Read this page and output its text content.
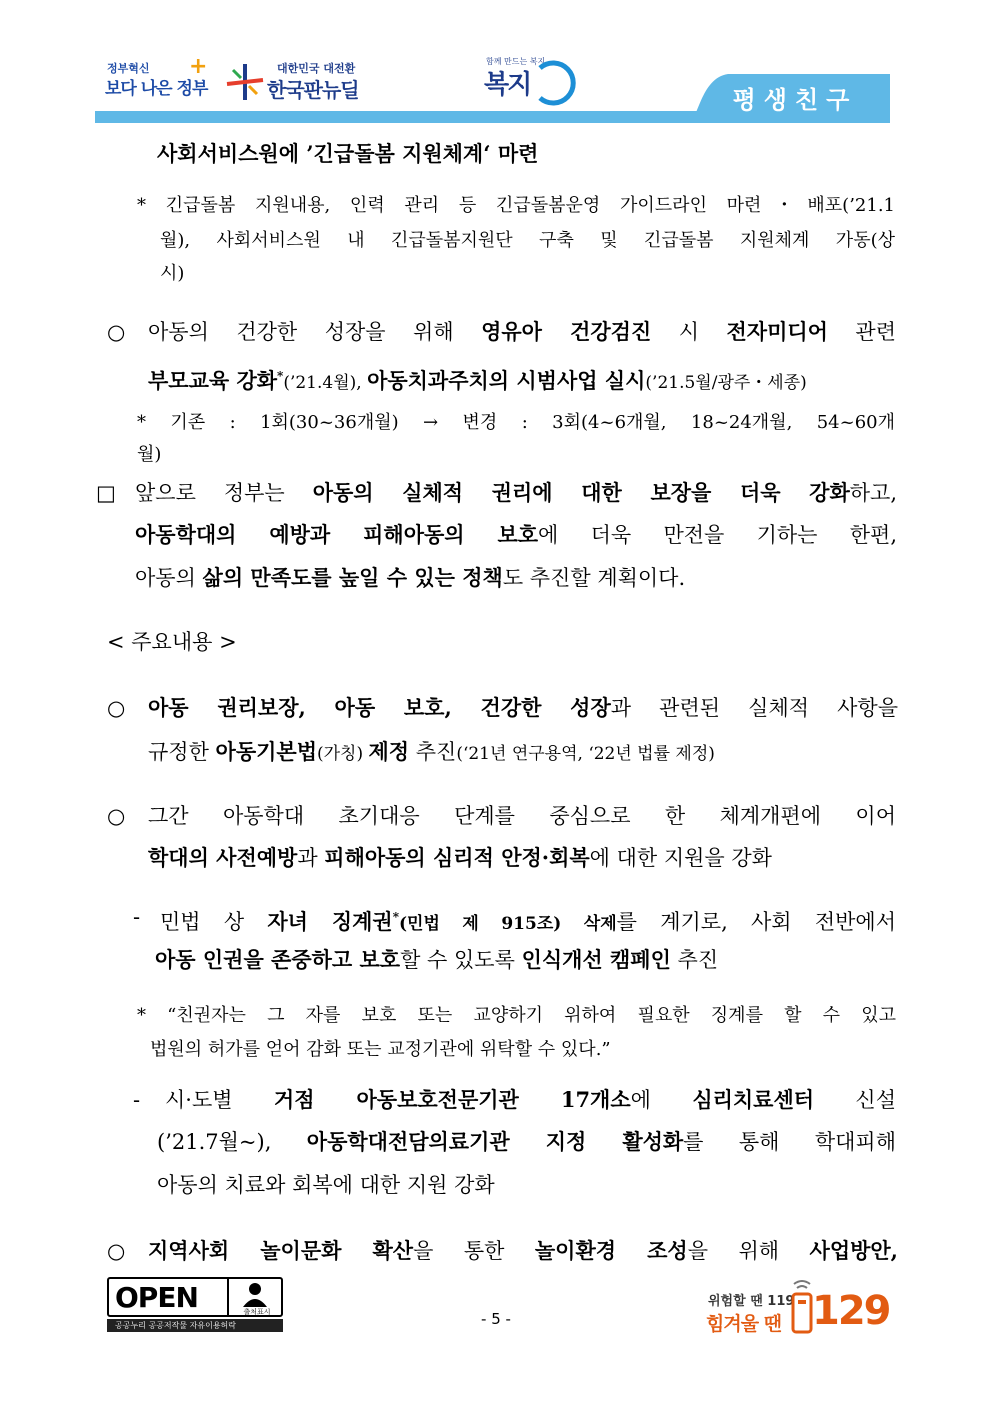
정부혁신
보다 나은 정부
+	대한민국 대전환
한국판뉴딜
함께 만드는 복지
복지	평생친구
사회서비스원에 ’긴급돌봄 지원체계‘ 마련
* 긴급돌봄 지원내용, 인력 관리 등 긴급돌봄운영 가이드라인 마련・배포(’21.1
월), 사회서비스원 내 긴급돌봄지원단 구축 및 긴급돌봄 지원체계 가동(상
시)
○ 아동의 건강한 성장을 위해 영유아 건강검진 시 전자미디어 관련
부모교육 강화*(’21.4월), 아동치과주치의 시범사업 실시(’21.5월/광주・세종)
* 기존 : 1회(30~36개월) → 변경 : 3회(4~6개월, 18~24개월, 54~60개
월)
□ 앞으로 정부는 아동의 실체적 권리에 대한 보장을 더욱 강화하고,
아동학대의 예방과 피해아동의 보호에 더욱 만전을 기하는 한편,
아동의 삶의 만족도를 높일 수 있는 정책도 추진할 계획이다.
< 주요내용 >
○ 아동 권리보장, 아동 보호, 건강한 성장과 관련된 실체적 사항을
규정한 아동기본법(가칭) 제정 추진(‘21년 연구용역, ‘22년 법률 제정)
○ 그간 아동학대 초기대응 단계를 중심으로 한 체계개편에 이어
학대의 사전예방과 피해아동의 심리적 안정·회복에 대한 지원을 강화
- 민법 상 자녀 징계권*(민법 제 915조) 삭제를 계기로, 사회 전반에서
아동 인권을 존중하고 보호할 수 있도록 인식개선 캠페인 추진
* “친권자는 그 자를 보호 또는 교양하기 위하여 필요한 징계를 할 수 있고
법원의 허가를 얻어 감화 또는 교정기관에 위탁할 수 있다.”
- 시·도별 거점 아동보호전문기관 17개소에 심리치료센터 신설
(’21.7월~), 아동학대전담의료기관 지정 활성화를 통해 학대피해
아동의 치료와 회복에 대한 지원 강화
○ 지역사회 놀이문화 확산을 통한 놀이환경 조성을 위해 사업방안,
OPEN	출처표시
공공누리 공공저작물 자유이용허락	- 5 -
위험할 땐 119
힘겨울 땐 129
